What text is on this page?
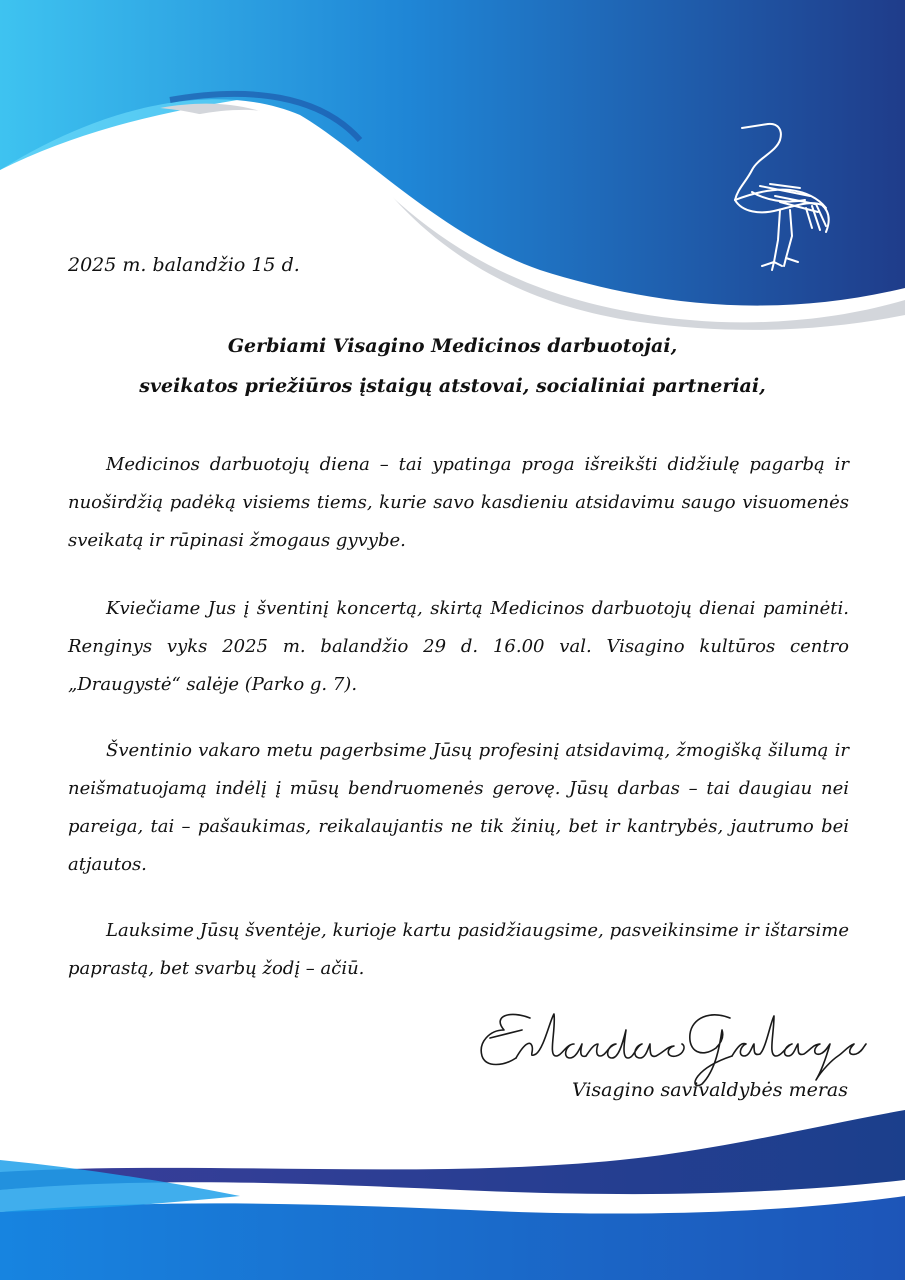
2025 m. balandžio 15 d.
Gerbiami Visagino Medicinos darbuotojai,
sveikatos priežiūros įstaigų atstovai, socialiniai partneriai,

Medicinos darbuotojų diena – tai ypatinga proga išreikšti didžiulę pagarbą ir nuoširdžią padėką visiems tiems, kurie savo kasdieniu atsidavimu saugo visuomenės sveikatą ir rūpinasi žmogaus gyvybe.

Kviečiame Jus į šventinį koncertą, skirtą Medicinos darbuotojų dienai paminėti. Renginys vyks 2025 m. balandžio 29 d. 16.00 val. Visagino kultūros centro „Draugystė“ salėje (Parko g. 7).

Šventinio vakaro metu pagerbsime Jūsų profesinį atsidavimą, žmogišką šilumą ir neišmatuojamą indėlį į mūsų bendruomenės gerovę. Jūsų darbas – tai daugiau nei pareiga, tai – pašaukimas, reikalaujantis ne tik žinių, bet ir kantrybės, jautrumo bei atjautos.

Lauksime Jūsų šventėje, kurioje kartu pasidžiaugsime, pasveikinsime ir ištarsime paprastą, bet svarbų žodį – ačiū.

Erlandas Galagus
Visagino savivaldybės meras
